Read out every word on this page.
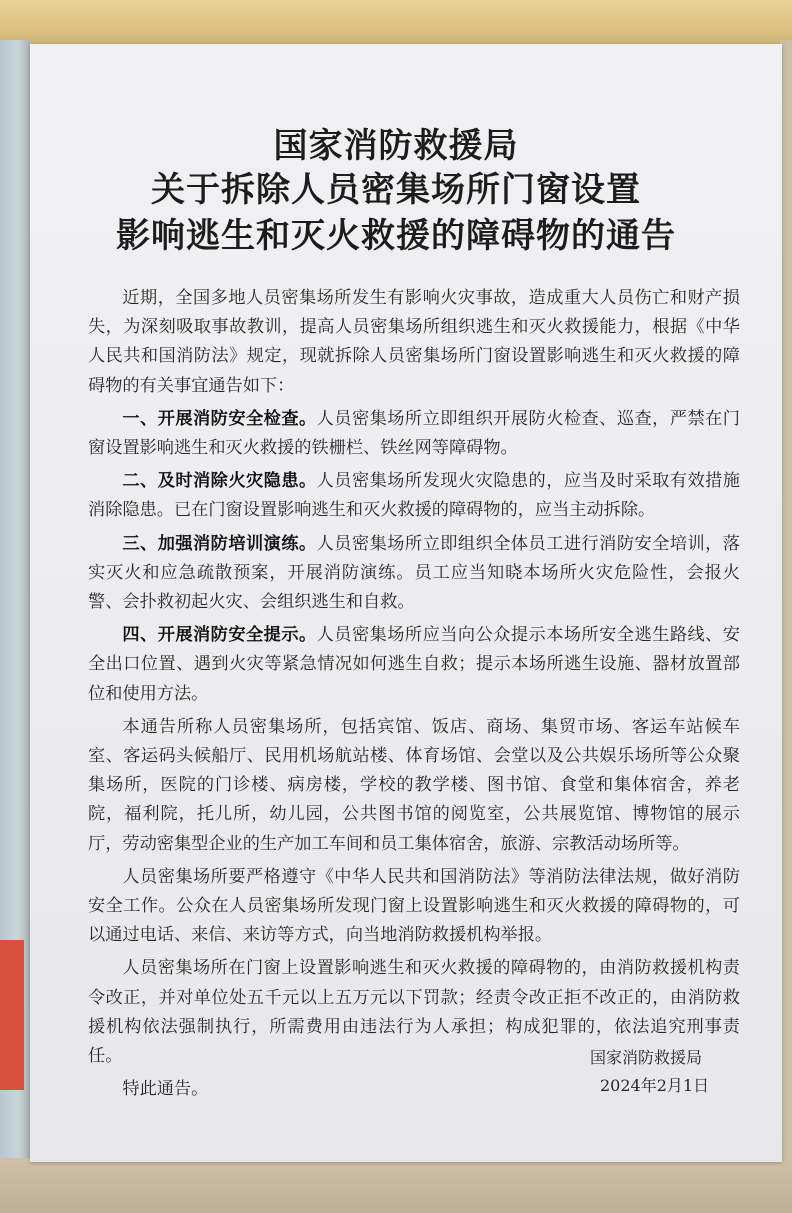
国家消防救援局
关于拆除人员密集场所门窗设置
影响逃生和灭火救援的障碍物的通告

近期，全国多地人员密集场所发生有影响火灾事故，造成重大人员伤亡和财产损失，为深刻吸取事故教训，提高人员密集场所组织逃生和灭火救援能力，根据《中华人民共和国消防法》规定，现就拆除人员密集场所门窗设置影响逃生和灭火救援的障碍物的有关事宜通告如下：

一、开展消防安全检查。人员密集场所立即组织开展防火检查、巡查，严禁在门窗设置影响逃生和灭火救援的铁栅栏、铁丝网等障碍物。

二、及时消除火灾隐患。人员密集场所发现火灾隐患的，应当及时采取有效措施消除隐患。已在门窗设置影响逃生和灭火救援的障碍物的，应当主动拆除。

三、加强消防培训演练。人员密集场所立即组织全体员工进行消防安全培训，落实灭火和应急疏散预案，开展消防演练。员工应当知晓本场所火灾危险性，会报火警、会扑救初起火灾、会组织逃生和自救。

四、开展消防安全提示。人员密集场所应当向公众提示本场所安全逃生路线、安全出口位置、遇到火灾等紧急情况如何逃生自救；提示本场所逃生设施、器材放置部位和使用方法。

本通告所称人员密集场所，包括宾馆、饭店、商场、集贸市场、客运车站候车室、客运码头候船厅、民用机场航站楼、体育场馆、会堂以及公共娱乐场所等公众聚集场所，医院的门诊楼、病房楼，学校的教学楼、图书馆、食堂和集体宿舍，养老院，福利院，托儿所，幼儿园，公共图书馆的阅览室，公共展览馆、博物馆的展示厅，劳动密集型企业的生产加工车间和员工集体宿舍，旅游、宗教活动场所等。

人员密集场所要严格遵守《中华人民共和国消防法》等消防法律法规，做好消防安全工作。公众在人员密集场所发现门窗上设置影响逃生和灭火救援的障碍物的，可以通过电话、来信、来访等方式，向当地消防救援机构举报。

人员密集场所在门窗上设置影响逃生和灭火救援的障碍物的，由消防救援机构责令改正，并对单位处五千元以上五万元以下罚款；经责令改正拒不改正的，由消防救援机构依法强制执行，所需费用由违法行为人承担；构成犯罪的，依法追究刑事责任。

特此通告。

国家消防救援局
2024年2月1日
